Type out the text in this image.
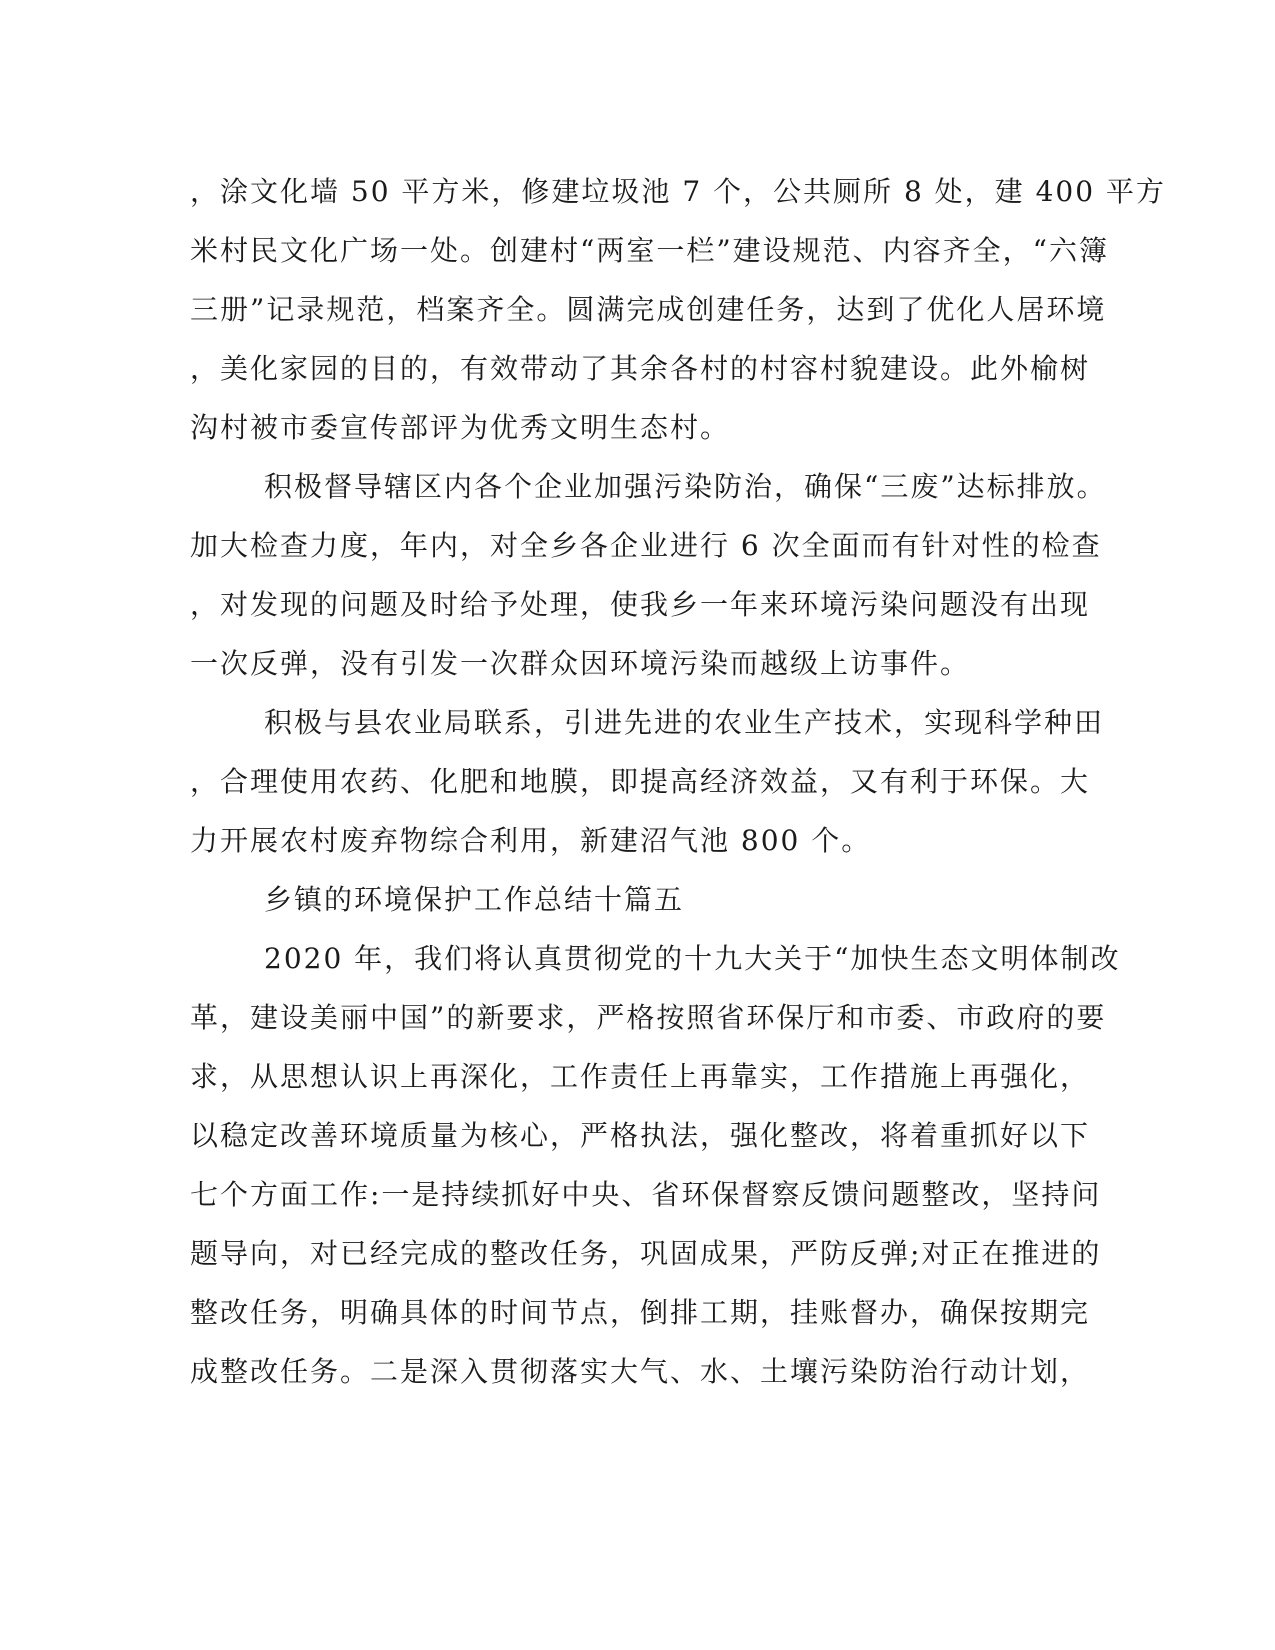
，涂文化墙 50 平方米，修建垃圾池 7 个，公共厕所 8 处，建 400 平方
米村民文化广场一处。创建村“两室一栏”建设规范、内容齐全，“六簿
三册”记录规范，档案齐全。圆满完成创建任务，达到了优化人居环境
，美化家园的目的，有效带动了其余各村的村容村貌建设。此外榆树
沟村被市委宣传部评为优秀文明生态村。
积极督导辖区内各个企业加强污染防治，确保“三废”达标排放。
加大检查力度，年内，对全乡各企业进行 6 次全面而有针对性的检查
，对发现的问题及时给予处理，使我乡一年来环境污染问题没有出现
一次反弹，没有引发一次群众因环境污染而越级上访事件。
积极与县农业局联系，引进先进的农业生产技术，实现科学种田
，合理使用农药、化肥和地膜，即提高经济效益，又有利于环保。大
力开展农村废弃物综合利用，新建沼气池 800 个。
乡镇的环境保护工作总结十篇五
2020 年，我们将认真贯彻党的十九大关于“加快生态文明体制改
革，建设美丽中国”的新要求，严格按照省环保厅和市委、市政府的要
求，从思想认识上再深化，工作责任上再靠实，工作措施上再强化，
以稳定改善环境质量为核心，严格执法，强化整改，将着重抓好以下
七个方面工作:一是持续抓好中央、省环保督察反馈问题整改，坚持问
题导向，对已经完成的整改任务，巩固成果，严防反弹;对正在推进的
整改任务，明确具体的时间节点，倒排工期，挂账督办，确保按期完
成整改任务。二是深入贯彻落实大气、水、土壤污染防治行动计划，
